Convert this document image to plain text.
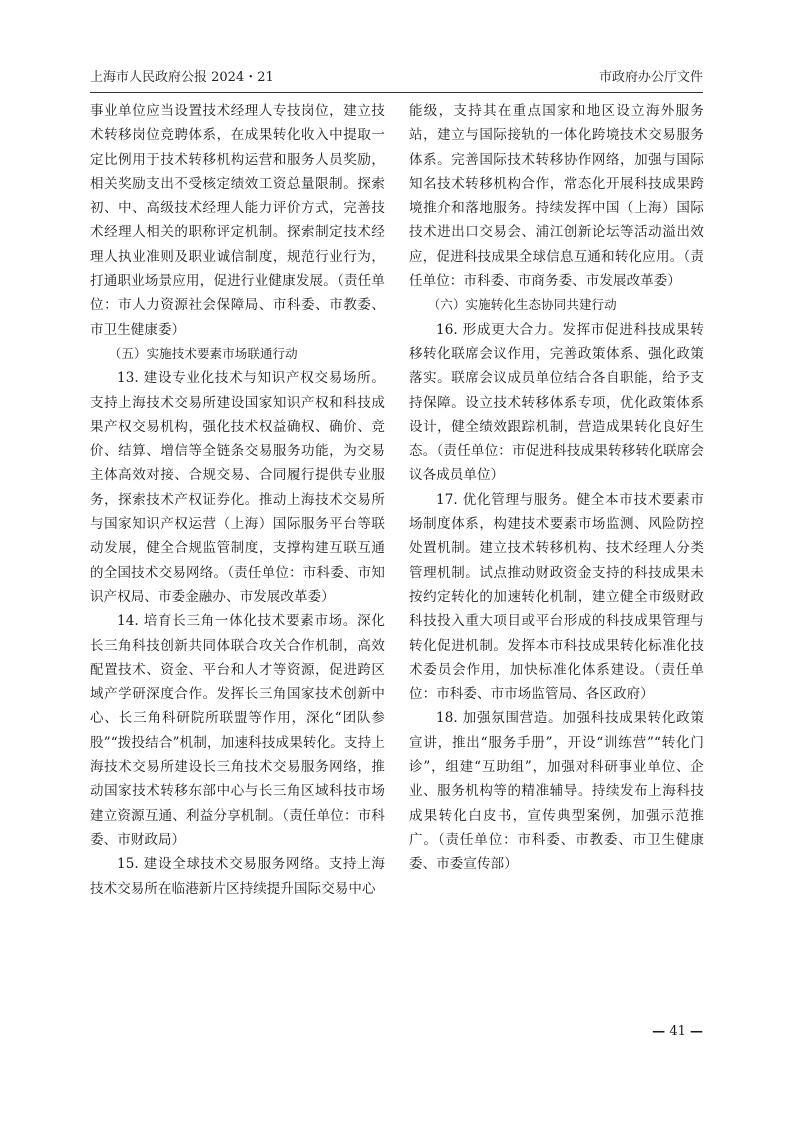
上海市人民政府公报 2024・21	市政府办公厅文件

事业单位应当设置技术经理人专技岗位，建立技术转移岗位竞聘体系，在成果转化收入中提取一定比例用于技术转移机构运营和服务人员奖励，相关奖励支出不受核定绩效工资总量限制。探索初、中、高级技术经理人能力评价方式，完善技术经理人相关的职称评定机制。探索制定技术经理人执业准则及职业诚信制度，规范行业行为，打通职业场景应用，促进行业健康发展。（责任单位：市人力资源社会保障局、市科委、市教委、市卫生健康委）

（五）实施技术要素市场联通行动

13. 建设专业化技术与知识产权交易场所。支持上海技术交易所建设国家知识产权和科技成果产权交易机构，强化技术权益确权、确价、竞价、结算、增信等全链条交易服务功能，为交易主体高效对接、合规交易、合同履行提供专业服务，探索技术产权证券化。推动上海技术交易所与国家知识产权运营（上海）国际服务平台等联动发展，健全合规监管制度，支撑构建互联互通的全国技术交易网络。（责任单位：市科委、市知识产权局、市委金融办、市发展改革委）

14. 培育长三角一体化技术要素市场。深化长三角科技创新共同体联合攻关合作机制，高效配置技术、资金、平台和人才等资源，促进跨区域产学研深度合作。发挥长三角国家技术创新中心、长三角科研院所联盟等作用，深化“团队参股”“拨投结合”机制，加速科技成果转化。支持上海技术交易所建设长三角技术交易服务网络，推动国家技术转移东部中心与长三角区域科技市场建立资源互通、利益分享机制。（责任单位：市科委、市财政局）

15. 建设全球技术交易服务网络。支持上海技术交易所在临港新片区持续提升国际交易中心

能级，支持其在重点国家和地区设立海外服务站，建立与国际接轨的一体化跨境技术交易服务体系。完善国际技术转移协作网络，加强与国际知名技术转移机构合作，常态化开展科技成果跨境推介和落地服务。持续发挥中国（上海）国际技术进出口交易会、浦江创新论坛等活动溢出效应，促进科技成果全球信息互通和转化应用。（责任单位：市科委、市商务委、市发展改革委）

（六）实施转化生态协同共建行动

16. 形成更大合力。发挥市促进科技成果转移转化联席会议作用，完善政策体系、强化政策落实。联席会议成员单位结合各自职能，给予支持保障。设立技术转移体系专项，优化政策体系设计，健全绩效跟踪机制，营造成果转化良好生态。（责任单位：市促进科技成果转移转化联席会议各成员单位）

17. 优化管理与服务。健全本市技术要素市场制度体系，构建技术要素市场监测、风险防控处置机制。建立技术转移机构、技术经理人分类管理机制。试点推动财政资金支持的科技成果未按约定转化的加速转化机制，建立健全市级财政科技投入重大项目或平台形成的科技成果管理与转化促进机制。发挥本市科技成果转化标准化技术委员会作用，加快标准化体系建设。（责任单位：市科委、市市场监管局、各区政府）

18. 加强氛围营造。加强科技成果转化政策宣讲，推出“服务手册”，开设“训练营”“转化门诊”，组建“互助组”，加强对科研事业单位、企业、服务机构等的精准辅导。持续发布上海科技成果转化白皮书，宣传典型案例，加强示范推广。（责任单位：市科委、市教委、市卫生健康委、市委宣传部）

— 41 —
